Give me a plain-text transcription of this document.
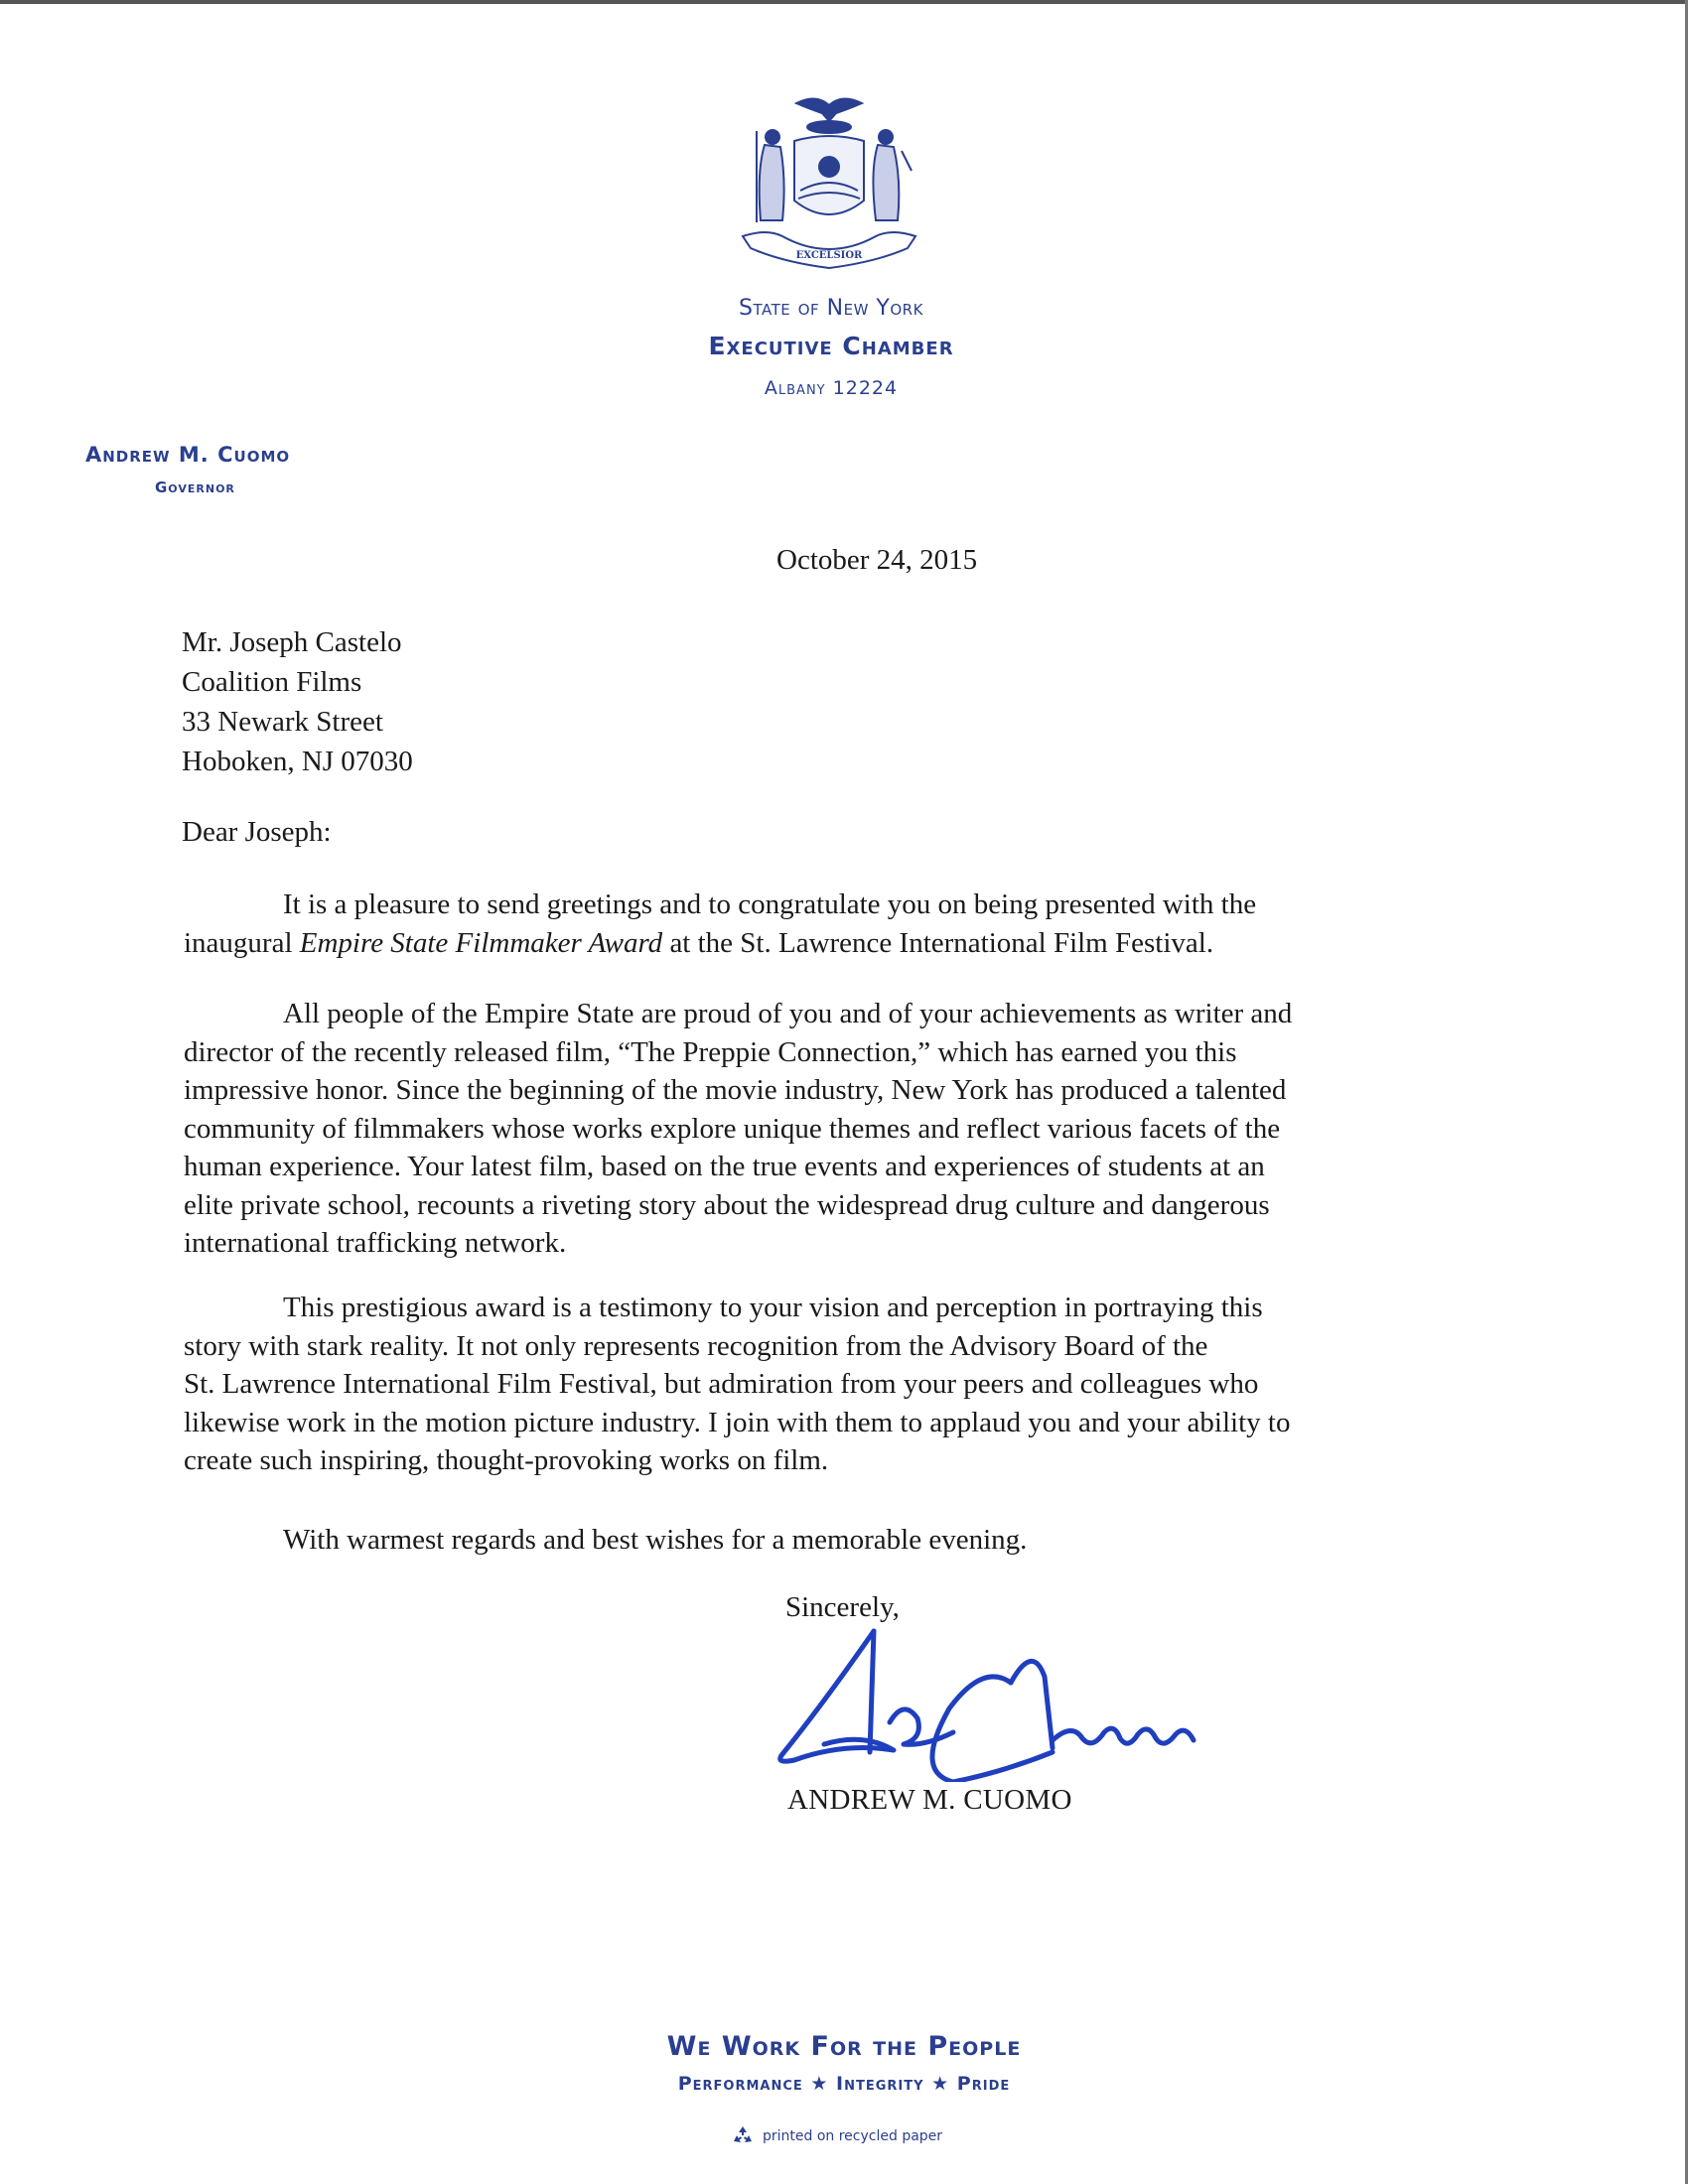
EXCELSIOR
State of New York
Executive Chamber
Albany 12224
Andrew M. Cuomo
Governor
October 24, 2015
Mr. Joseph Castelo
Coalition Films
33 Newark Street
Hoboken, NJ 07030
Dear Joseph:
It is a pleasure to send greetings and to congratulate you on being presented with the
inaugural Empire State Filmmaker Award at the St. Lawrence International Film Festival.
All people of the Empire State are proud of you and of your achievements as writer and
director of the recently released film, “The Preppie Connection,” which has earned you this
impressive honor. Since the beginning of the movie industry, New York has produced a talented
community of filmmakers whose works explore unique themes and reflect various facets of the
human experience. Your latest film, based on the true events and experiences of students at an
elite private school, recounts a riveting story about the widespread drug culture and dangerous
international trafficking network.
This prestigious award is a testimony to your vision and perception in portraying this
story with stark reality. It not only represents recognition from the Advisory Board of the
St. Lawrence International Film Festival, but admiration from your peers and colleagues who
likewise work in the motion picture industry. I join with them to applaud you and your ability to
create such inspiring, thought-provoking works on film.
With warmest regards and best wishes for a memorable evening.
Sincerely,
ANDREW M. CUOMO
We Work For the People
Performance ★ Integrity ★ Pride
printed on recycled paper
